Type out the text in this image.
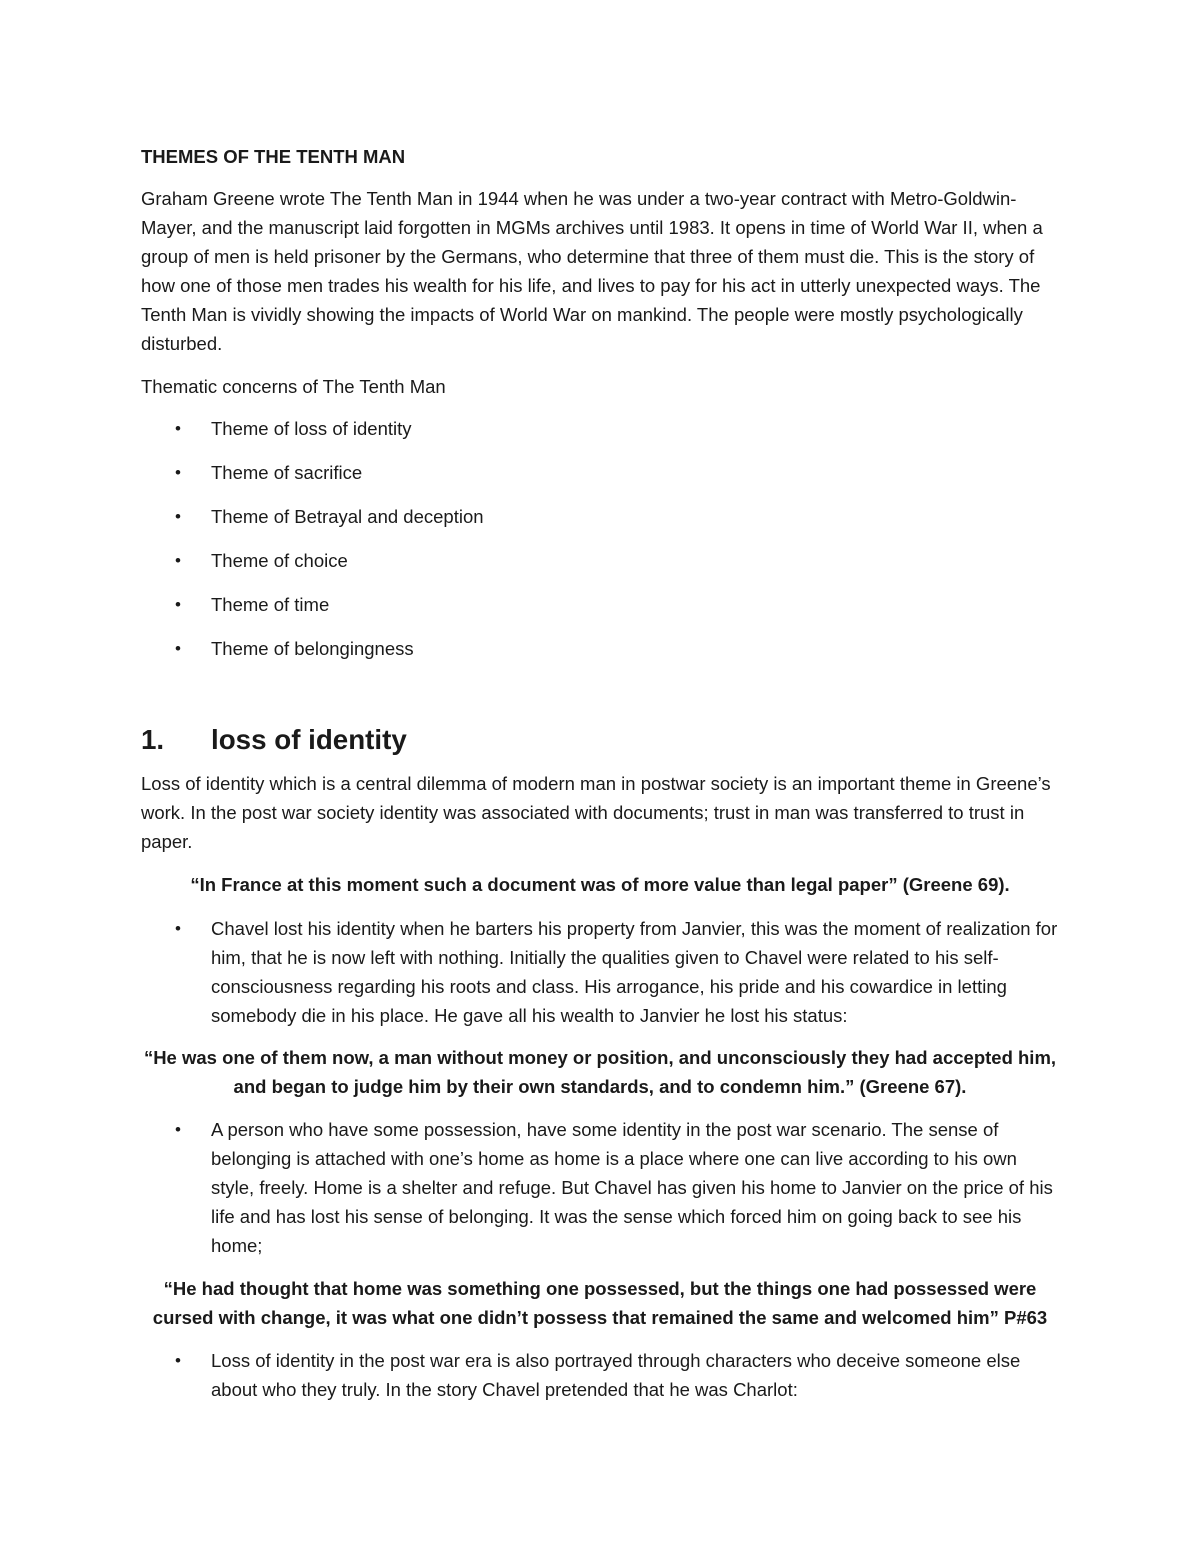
THEMES OF THE TENTH MAN

Graham Greene wrote The Tenth Man in 1944 when he was under a two-year contract with Metro-Goldwin-Mayer, and the manuscript laid forgotten in MGMs archives until 1983. It opens in time of World War II, when a group of men is held prisoner by the Germans, who determine that three of them must die. This is the story of how one of those men trades his wealth for his life, and lives to pay for his act in utterly unexpected ways. The Tenth Man is vividly showing the impacts of World War on mankind. The people were mostly psychologically disturbed.

Thematic concerns of The Tenth Man

• Theme of loss of identity
• Theme of sacrifice
• Theme of Betrayal and deception
• Theme of choice
• Theme of time
• Theme of belongingness
1. loss of identity

Loss of identity which is a central dilemma of modern man in postwar society is an important theme in Greene’s work. In the post war society identity was associated with documents; trust in man was transferred to trust in paper.

“In France at this moment such a document was of more value than legal paper” (Greene 69).

• Chavel lost his identity when he barters his property from Janvier, this was the moment of realization for him, that he is now left with nothing. Initially the qualities given to Chavel were related to his self-consciousness regarding his roots and class. His arrogance, his pride and his cowardice in letting somebody die in his place. He gave all his wealth to Janvier he lost his status:

“He was one of them now, a man without money or position, and unconsciously they had accepted him, and began to judge him by their own standards, and to condemn him.” (Greene 67).

• A person who have some possession, have some identity in the post war scenario. The sense of belonging is attached with one’s home as home is a place where one can live according to his own style, freely. Home is a shelter and refuge. But Chavel has given his home to Janvier on the price of his life and has lost his sense of belonging. It was the sense which forced him on going back to see his home;

“He had thought that home was something one possessed, but the things one had possessed were cursed with change, it was what one didn’t possess that remained the same and welcomed him” P#63

• Loss of identity in the post war era is also portrayed through characters who deceive someone else about who they truly. In the story Chavel pretended that he was Charlot:
